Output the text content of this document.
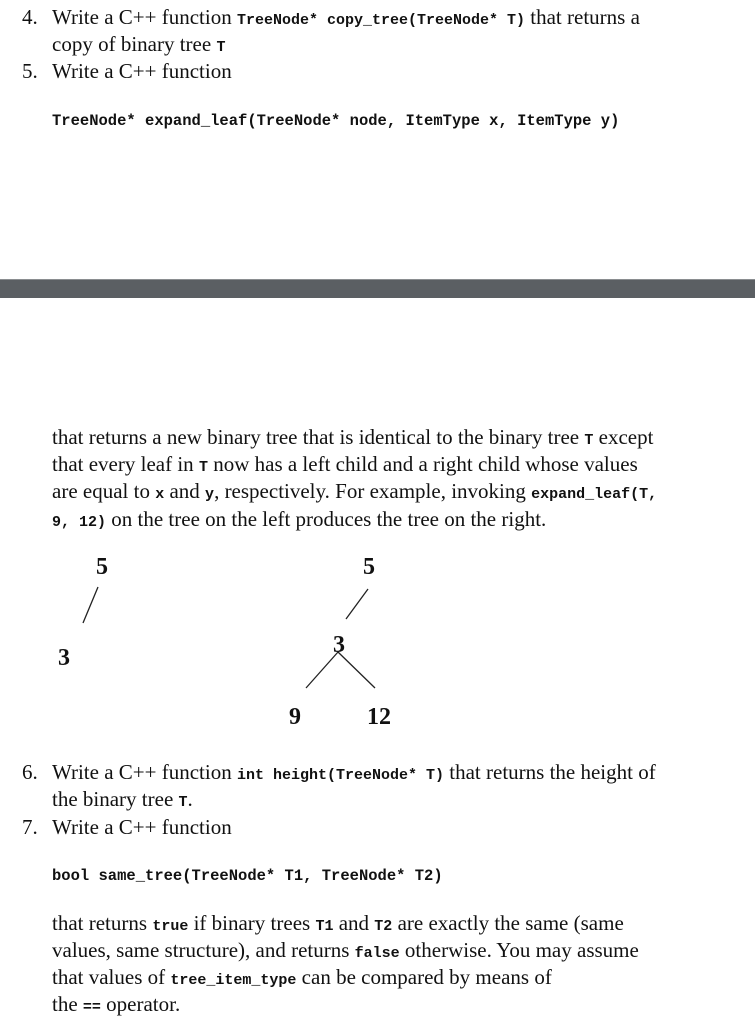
4. Write a C++ function TreeNode* copy_tree(TreeNode* T) that returns a
copy of binary tree T
5. Write a C++ function
TreeNode* expand_leaf(TreeNode* node, ItemType x, ItemType y)
that returns a new binary tree that is identical to the binary tree T except
that every leaf in T now has a left child and a right child whose values
are equal to x and y, respectively. For example, invoking expand_leaf(T,
9, 12) on the tree on the left produces the tree on the right.
5
3
5
3
9	12
6. Write a C++ function int height(TreeNode* T) that returns the height of
the binary tree T.
7. Write a C++ function
bool same_tree(TreeNode* T1, TreeNode* T2)
that returns true if binary trees T1 and T2 are exactly the same (same
values, same structure), and returns false otherwise. You may assume
that values of tree_item_type can be compared by means of
the == operator.
